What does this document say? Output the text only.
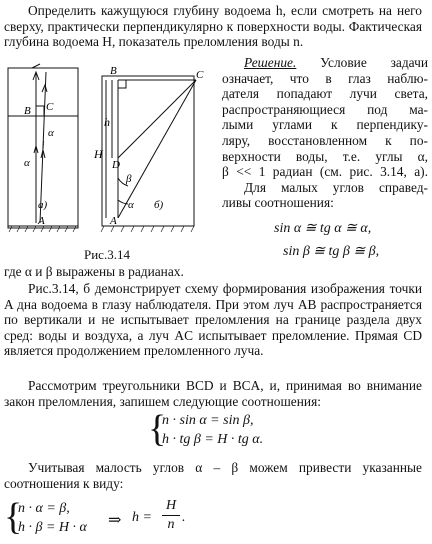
Определить кажущуюся глубину водоема h, если смотреть на него сверху, практически перпендикулярно к поверхности воды. Фактическая глубина водоема H, показатель преломления воды n.

B C
α
α
i
A
а)
B	C
D
A
H
h
β
α б)
Рис.3.14
Решение. Условие задачи
означает, что в глаз наблю-
дателя попадают лучи света,
распространяющиеся под ма-
лыми углами к перпендику-
ляру, восстановленном к по-
верхности воды, т.е. углы α,
β << 1 радиан (см. рис. 3.14, а).
Для малых углов справед-
ливы соотношения:
sin α ≅ tg α ≅ α,
sin β ≅ tg β ≅ β,

где α и β выражены в радианах.

Рис.3.14, б демонстрирует схему формирования изображения точки A дна водоема в глазу наблюдателя. При этом луч AB распространяется по вертикали и не испытывает преломления на границе раздела двух сред: воды и воздуха, а луч AC испытывает преломление. Прямая CD является продолжением преломленного луча.

Рассмотрим треугольники BCD и BCA, и, принимая во внимание закон преломления, запишем следующие соотношения:

{
n · sin α = sin β,
h · tg β = H · tg α.

Учитывая малость углов α – β можем привести указанные соотношения к виду:

{
n · α = β,
h · β = H · α ⇒ h =
H
n .
